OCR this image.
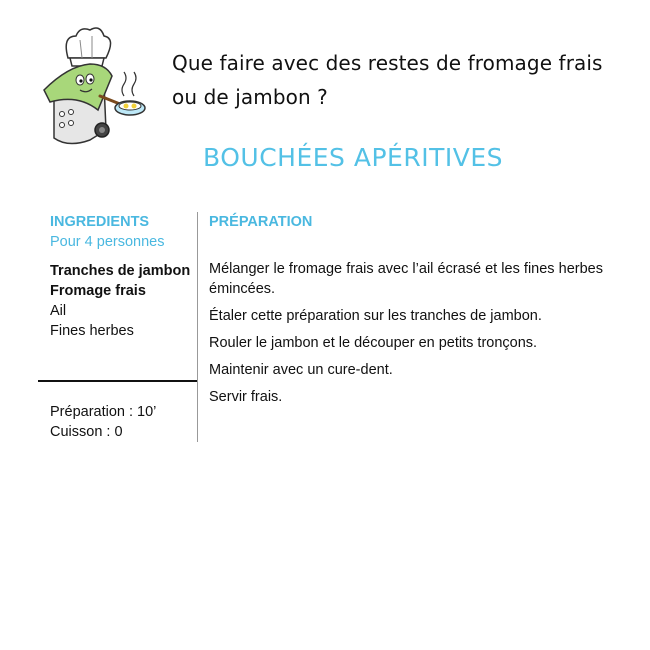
Que faire avec des restes de fromage frais
ou de jambon ?
BOUCHÉES APÉRITIVES
INGREDIENTS
Pour 4 personnes
Tranches de jambon
Fromage frais
Ail
Fines herbes
Préparation : 10’
Cuisson : 0
PRÉPARATION

Mélanger le fromage frais avec l’ail écrasé et les fines herbes émincées.

Étaler cette préparation sur les tranches de jambon.

Rouler le jambon et le découper en petits tronçons.

Maintenir avec un cure-dent.

Servir frais.
